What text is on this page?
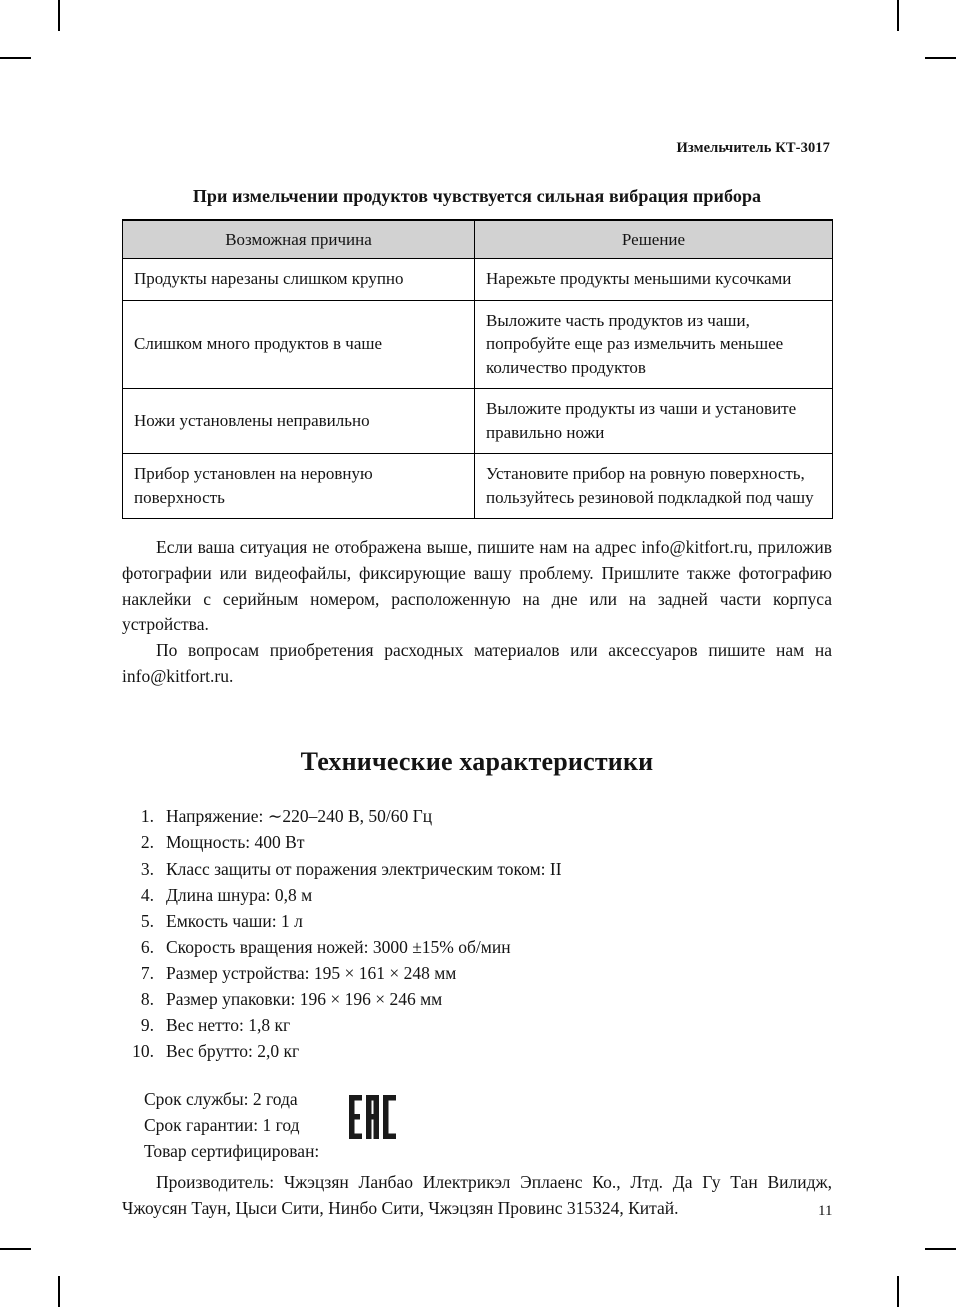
Измельчитель КТ-3017
При измельчении продуктов чувствуется сильная вибрация прибора
Возможная причина	Решение
Продукты нарезаны слишком крупно	Нарежьте продукты меньшими кусочками
Слишком много продуктов в чаше	Выложите часть продуктов из чаши, попробуйте еще раз измельчить меньшее количество продуктов
Ножи установлены неправильно	Выложите продукты из чаши и установите правильно ножи
Прибор установлен на неровную поверхность	Установите прибор на ровную поверхность, пользуйтесь резиновой подкладкой под чашу

Если ваша ситуация не отображена выше, пишите нам на адрес info@kitfort.ru, приложив фотографии или видеофайлы, фиксирующие вашу проблему. Пришлите также фотографию наклейки с серийным номером, расположенную на дне или на задней части корпуса устройства.

По вопросам приобретения расходных материалов или аксессуаров пишите нам на info@kitfort.ru.

Технические характеристики
1. Напряжение: ∼220–240 В, 50/60 Гц
2. Мощность: 400 Вт
3. Класс защиты от поражения электрическим током: II
4. Длина шнура: 0,8 м
5. Емкость чаши: 1 л
6. Скорость вращения ножей: 3000 ±15% об/мин
7. Размер устройства: 195 × 161 × 248 мм
8. Размер упаковки: 196 × 196 × 246 мм
9. Вес нетто: 1,8 кг
10. Вес брутто: 2,0 кг
Срок службы: 2 года
Срок гарантии: 1 год
Товар сертифицирован:

Производитель: Чжэцзян Ланбао Илектрикэл Эплаенс Ко., Лтд. Да Гу Тан Вилидж, Чжоусян Таун, Цыси Сити, Нинбо Сити, Чжэцзян Провинс 315324, Китай.	11
